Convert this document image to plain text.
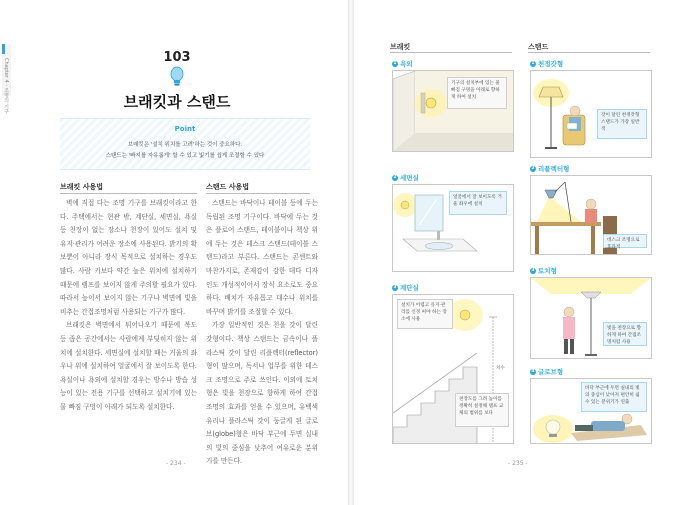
Chapter 4 · 조명의 기구
103
브래킷과 스탠드
Point
브래킷은 '설치 위치를 고려'하는 것이 중요하다.
스탠드는 '빠지를 자유롭게' 할 수 있고 빛기를 쉽게 조절할 수 있다
브래킷 사용법	스탠드 사용법

벽에 직접 다는 조명 기구를 브래킷이라고 한다. 주택에서는 현관 밖, 계단실, 세면실, 욕실 등 천장이 없는 장소나 천장이 있어도 설치 및 유지·관리가 어려운 장소에 사용된다. 밝기의 확보뿐이 아니라 장식 목적으로 설치하는 경우도 많다. 사람 키보다 약간 높은 위치에 설치하기 때문에 램프를 보이지 않게 주의할 필요가 있다. 따라서 높이서 보이지 않는 기구나 벽면에 빛을 비추는 간접조명처럼 사용되는 기구가 많다.

브래킷은 벽면에서 튀어나오기 때문에 복도 등 좁은 공간에서는 사람에게 부딪히지 않는 위치에 설치한다. 세면실에 설치할 때는 거울의 좌우나 위에 설치하여 얼굴에서 잘 보이도록 한다. 욕실이나 욕외에 설치할 경우는 방수나 방습 성능이 있는 전용 기구를 선택하고 설치기에 있는 물 빠짐 구멍이 아래가 되도록 설치한다.

스탠드는 바닥이나 테이블 등에 두는 독립된 조명 기구이다. 바닥에 두는 것은 플로어 스탠드, 테이블이나 책상 위에 두는 것은 데스크 스탠드(테이블 스탠드)라고 부른다. 스탠드는 콘센트와 마찬가지로, 존재감이 강한 데다 디자인도 개성적이어서 장식 요소로도 중요하다. 배치가 자유롭고 대수나 위치를 바꾸며 밝기를 조절할 수 있다.

가장 일반적인 것은 천을 갓이 달린 갓형이다. 책상 스탠드는 금속이나 플라스틱 갓이 달린 리플렉터(reflector)형이 많으며, 독서나 업무를 위한 데스크 조명으로 주로 쓰인다. 이외에 토치형은 빛을 천장으로 향하게 하여 간접조명의 효과를 얻을 수 있으며, 유백색 유리나 플라스틱 갓이 둥글게 된 글로브(globe)형은 바닥 부근에 두면 실내의 빛의 중심을 낮추어 여유로운 분위기를 만든다.

- 234 -
브래킷	스탠드
1 욕외
기구의 설치부에 있는 물 빠짐 구멍을 아래로 향하게 하여 설치
2 세면실
얼굴에서 잘 보이도록 거울 좌우에 설치
3 계단실
설치가 어렵고 유지·관리를 신경 써야 하는 장소에 사용
천장도를 그려 높이를 정확히 설정해 램프 교체의 범위를 보다
치수
1 천정갓형
갓이 달린 천정갓형 스탠드가 가장 일반적
2 리플렉터형
데스크 조명으로 효과적
3 토치형
빛을 천장으로 향하게 하여 간접조명처럼 사용
4 글로브형
바닥 부근에 두면 실내의 빛의 중심이 낮아져 편안히 쉴 수 있는 분위기가 연출
- 235 -
